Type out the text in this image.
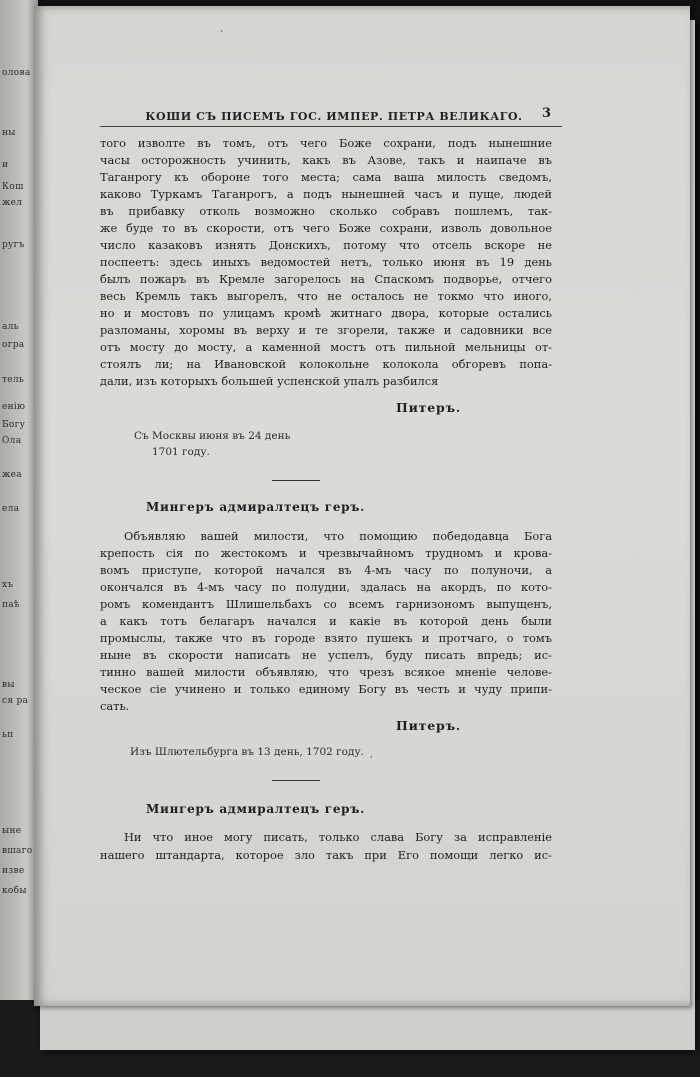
олова
ны
и
Кош
жел
ругъ
аль
огра
тель
енію
Богу
Ола
жеа
ела
хъ
паѣ
вы
ся ра
ьп
ыне
вшаго
изве
кобы
ʼ
КОШИ СЪ ПИСЕМЪ ГОС. ИМПЕР. ПЕТРА ВЕЛИКАГО.	3
того изволте въ томъ, отъ чего Боже сохрани, подъ нынешние
часы осторожность учинить, какъ въ Азове, такъ и наипаче въ
Таганрогу къ обороне того места; сама ваша милость сведомъ,
каково Туркамъ Таганрогъ, а подъ нынешней часъ и пуще, людей
въ прибавку отколь возможно сколько собравъ пошлемъ, так-
же буде то въ скорости, отъ чего Боже сохрани, изволь довольное
число казаковъ изнять Донскихъ, потому что отсель вскоре не
поспеетъ: здесь иныхъ ведомостей нетъ, только июня въ 19 день
былъ пожаръ въ Кремле загорелось на Спаскомъ подворье, отчего
весь Кремль такъ выгорелъ, что не осталось не токмо что иного,
но и мостовъ по улицамъ кромѣ житнаго двора, которые остались
разломаны, хоромы въ верху и те згорели, также и садовники все
отъ мосту до мосту, а каменной мостъ отъ пильной мельницы от-
стоялъ ли; на Ивановской колокольне колокола обгоревъ попа-
дали, изъ которыхъ большей успенской упалъ разбился
Питеръ.
Съ Москвы июня въ 24 день
1701 году.
Мингеръ адмиралтецъ геръ.
Объявляю вашей милости, что помощию победодавца Бога
крепость сія по жестокомъ и чрезвычайномъ трудномъ и крова-
вомъ приступе, которой начался въ 4-мъ часу по полуночи, а
окончался въ 4-мъ часу по полудни, здалась на акордъ, по кото-
ромъ комендантъ Шлишельбахъ со всемъ гарнизономъ выпущенъ,
а какъ тотъ белагаръ начался и какіе въ которой день были
промыслы, также что въ городе взято пушекъ и протчаго, о томъ
ныне въ скорости написать не успелъ, буду писать впредь; ис-
тинно вашей милости объявляю, что чрезъ всякое мненіе челове-
ческое сіе учинено и только единому Богу въ честь и чуду припи-
сать.
Питеръ.
Изъ Шлютельбурга въ 13 день, 1702 году. ,
Мингеръ адмиралтецъ геръ.
Ни что иное могу писать, только слава Богу за исправленіе
нашего штандарта, которое зло такъ при Его помощи легко ис-
